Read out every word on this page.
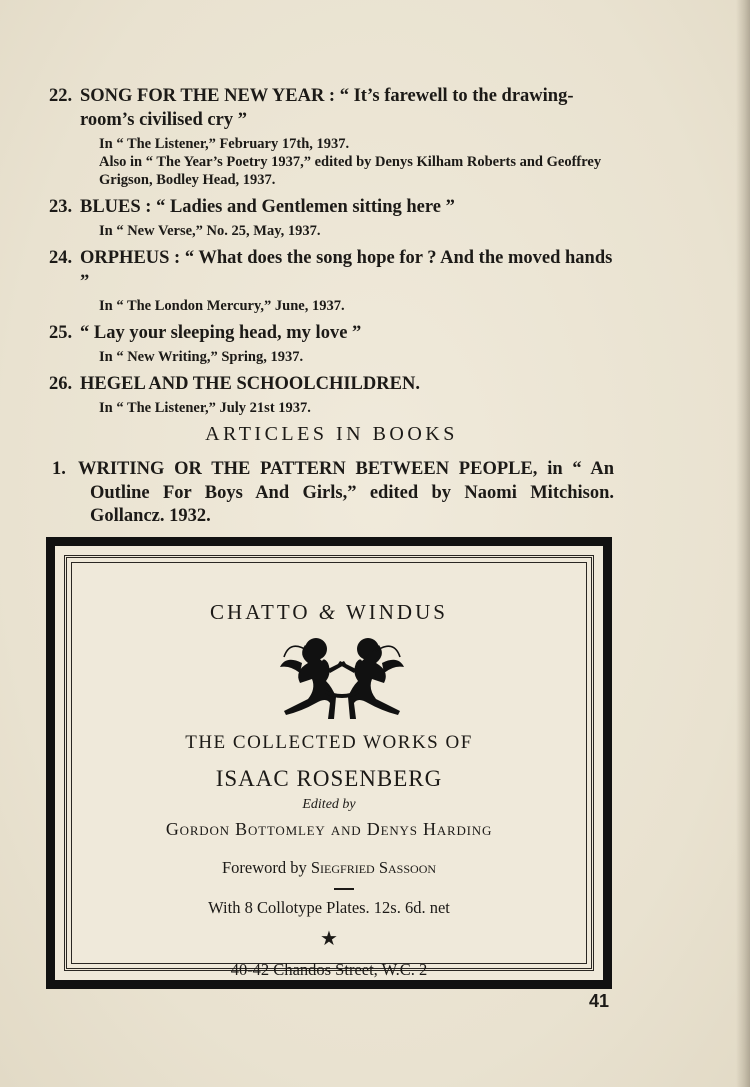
22. SONG FOR THE NEW YEAR : “ It’s farewell to the drawing-room’s civilised cry ”
In “ The Listener,” February 17th, 1937.
Also in “ The Year’s Poetry 1937,” edited by Denys Kilham Roberts and Geoffrey Grigson, Bodley Head, 1937.
23. BLUES : “ Ladies and Gentlemen sitting here ”
In “ New Verse,” No. 25, May, 1937.
24. ORPHEUS : “ What does the song hope for ? And the moved hands ”
In “ The London Mercury,” June, 1937.
25. “ Lay your sleeping head, my love ”
In “ New Writing,” Spring, 1937.
26. HEGEL AND THE SCHOOLCHILDREN.
In “ The Listener,” July 21st 1937.
ARTICLES IN BOOKS
1. WRITING OR THE PATTERN BETWEEN PEOPLE, in “ An Outline For Boys And Girls,” edited by Naomi Mitchison. Gollancz. 1932.
CHATTO & WINDUS
THE COLLECTED WORKS OF
ISAAC ROSENBERG
Edited by
Gordon Bottomley and Denys Harding
Foreword by Siegfried Sassoon
With 8 Collotype Plates. 12s. 6d. net
★
40-42 Chandos Street, W.C. 2
41
